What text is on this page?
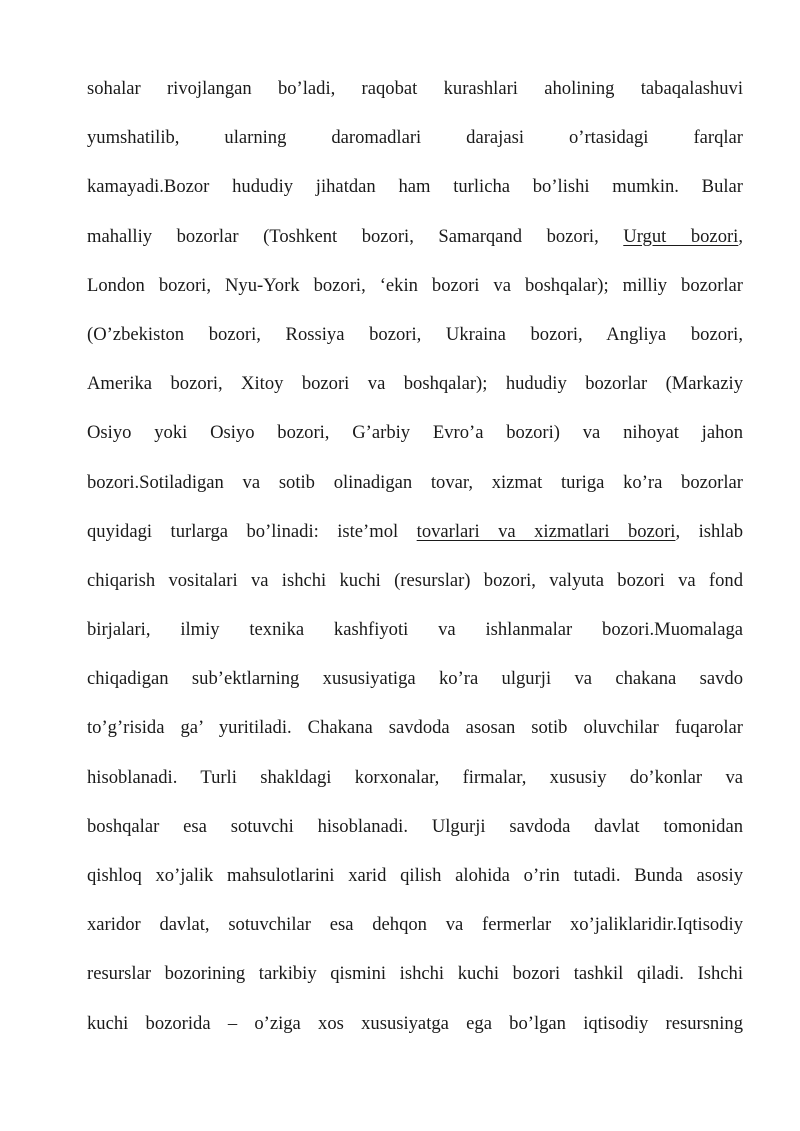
sohalar rivojlangan bo’ladi, raqobat kurashlari aholining tabaqalashuvi
yumshatilib, ularning daromadlari darajasi o’rtasidagi farqlar
kamayadi.Bozor hududiy jihatdan ham turlicha bo’lishi mumkin. Bular
mahalliy bozorlar (Toshkent bozori, Samarqand bozori, Urgut bozori,
London bozori, Nyu-York bozori, ‘ekin bozori va boshqalar); milliy bozorlar
(O’zbekiston bozori, Rossiya bozori, Ukraina bozori, Angliya bozori,
Amerika bozori, Xitoy bozori va boshqalar); hududiy bozorlar (Markaziy
Osiyo yoki Osiyo bozori, G’arbiy Evro’a bozori) va nihoyat jahon
bozori.Sotiladigan va sotib olinadigan tovar, xizmat turiga ko’ra bozorlar
quyidagi turlarga bo’linadi: iste’mol tovarlari va xizmatlari bozori, ishlab
chiqarish vositalari va ishchi kuchi (resurslar) bozori, valyuta bozori va fond
birjalari, ilmiy texnika kashfiyoti va ishlanmalar bozori.Muomalaga
chiqadigan sub’ektlarning xususiyatiga ko’ra ulgurji va chakana savdo
to’g’risida ga’ yuritiladi. Chakana savdoda asosan sotib oluvchilar fuqarolar
hisoblanadi. Turli shakldagi korxonalar, firmalar, xususiy do’konlar va
boshqalar esa sotuvchi hisoblanadi. Ulgurji savdoda davlat tomonidan
qishloq xo’jalik mahsulotlarini xarid qilish alohida o’rin tutadi. Bunda asosiy
xaridor davlat, sotuvchilar esa dehqon va fermerlar xo’jaliklaridir.Iqtisodiy
resurslar bozorining tarkibiy qismini ishchi kuchi bozori tashkil qiladi. Ishchi
kuchi bozorida – o’ziga xos xususiyatga ega bo’lgan iqtisodiy resursning
